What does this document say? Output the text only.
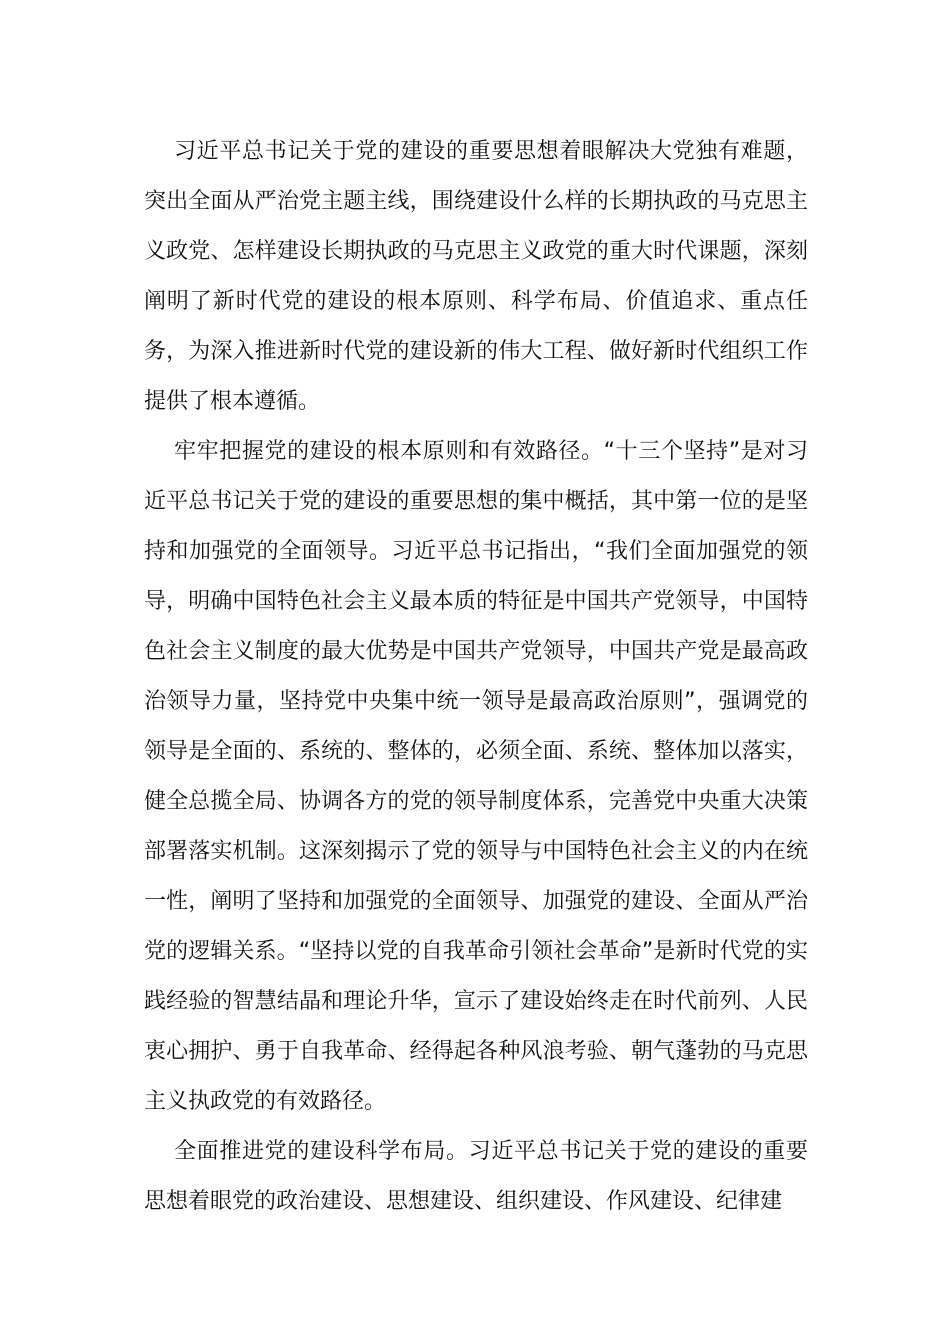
习近平总书记关于党的建设的重要思想着眼解决大党独有难题，突出全面从严治党主题主线，围绕建设什么样的长期执政的马克思主义政党、怎样建设长期执政的马克思主义政党的重大时代课题，深刻阐明了新时代党的建设的根本原则、科学布局、价值追求、重点任务，为深入推进新时代党的建设新的伟大工程、做好新时代组织工作提供了根本遵循。

牢牢把握党的建设的根本原则和有效路径。“十三个坚持”是对习近平总书记关于党的建设的重要思想的集中概括，其中第一位的是坚持和加强党的全面领导。习近平总书记指出，“我们全面加强党的领导，明确中国特色社会主义最本质的特征是中国共产党领导，中国特色社会主义制度的最大优势是中国共产党领导，中国共产党是最高政治领导力量，坚持党中央集中统一领导是最高政治原则”，强调党的领导是全面的、系统的、整体的，必须全面、系统、整体加以落实，健全总揽全局、协调各方的党的领导制度体系，完善党中央重大决策部署落实机制。这深刻揭示了党的领导与中国特色社会主义的内在统一性，阐明了坚持和加强党的全面领导、加强党的建设、全面从严治党的逻辑关系。“坚持以党的自我革命引领社会革命”是新时代党的实践经验的智慧结晶和理论升华，宣示了建设始终走在时代前列、人民衷心拥护、勇于自我革命、经得起各种风浪考验、朝气蓬勃的马克思主义执政党的有效路径。

全面推进党的建设科学布局。习近平总书记关于党的建设的重要思想着眼党的政治建设、思想建设、组织建设、作风建设、纪律建
